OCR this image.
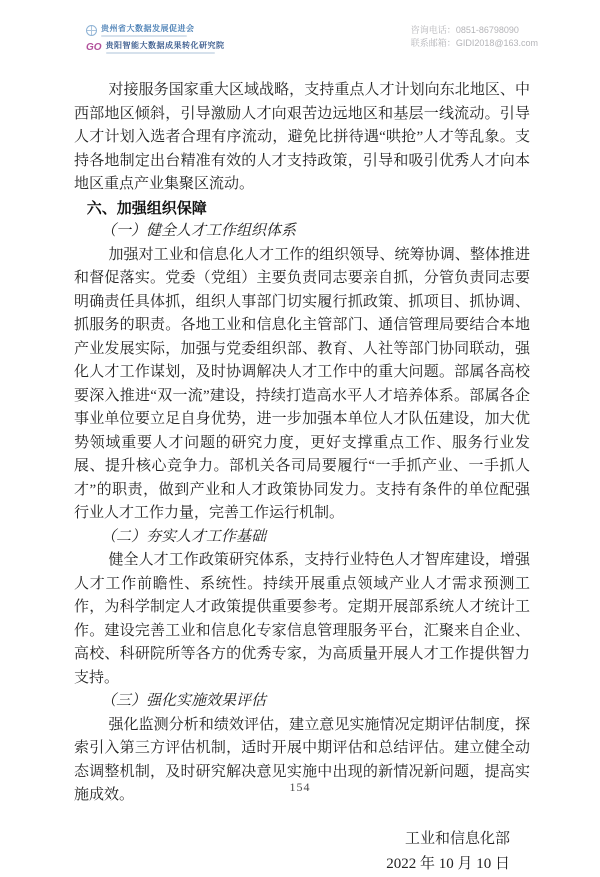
贵州省大数据发展促进会
GO 贵阳智能大数据成果转化研究院
咨询电话：0851-86798090
联系邮箱：GIDI2018@163.com

对接服务国家重大区域战略，支持重点人才计划向东北地区、中西部地区倾斜，引导激励人才向艰苦边远地区和基层一线流动。引导人才计划入选者合理有序流动，避免比拼待遇“哄抢”人才等乱象。支持各地制定出台精准有效的人才支持政策，引导和吸引优秀人才向本地区重点产业集聚区流动。

六、加强组织保障

（一）健全人才工作组织体系

加强对工业和信息化人才工作的组织领导、统筹协调、整体推进和督促落实。党委（党组）主要负责同志要亲自抓，分管负责同志要明确责任具体抓，组织人事部门切实履行抓政策、抓项目、抓协调、抓服务的职责。各地工业和信息化主管部门、通信管理局要结合本地产业发展实际，加强与党委组织部、教育、人社等部门协同联动，强化人才工作谋划，及时协调解决人才工作中的重大问题。部属各高校要深入推进“双一流”建设，持续打造高水平人才培养体系。部属各企事业单位要立足自身优势，进一步加强本单位人才队伍建设，加大优势领域重要人才问题的研究力度，更好支撑重点工作、服务行业发展、提升核心竞争力。部机关各司局要履行“一手抓产业、一手抓人才”的职责，做到产业和人才政策协同发力。支持有条件的单位配强行业人才工作力量，完善工作运行机制。

（二）夯实人才工作基础

健全人才工作政策研究体系，支持行业特色人才智库建设，增强人才工作前瞻性、系统性。持续开展重点领域产业人才需求预测工作，为科学制定人才政策提供重要参考。定期开展部系统人才统计工作。建设完善工业和信息化专家信息管理服务平台，汇聚来自企业、高校、科研院所等各方的优秀专家，为高质量开展人才工作提供智力支持。

（三）强化实施效果评估

强化监测分析和绩效评估，建立意见实施情况定期评估制度，探索引入第三方评估机制，适时开展中期评估和总结评估。建立健全动态调整机制，及时研究解决意见实施中出现的新情况新问题，提高实施成效。

工业和信息化部
2022 年 10 月 10 日
154
